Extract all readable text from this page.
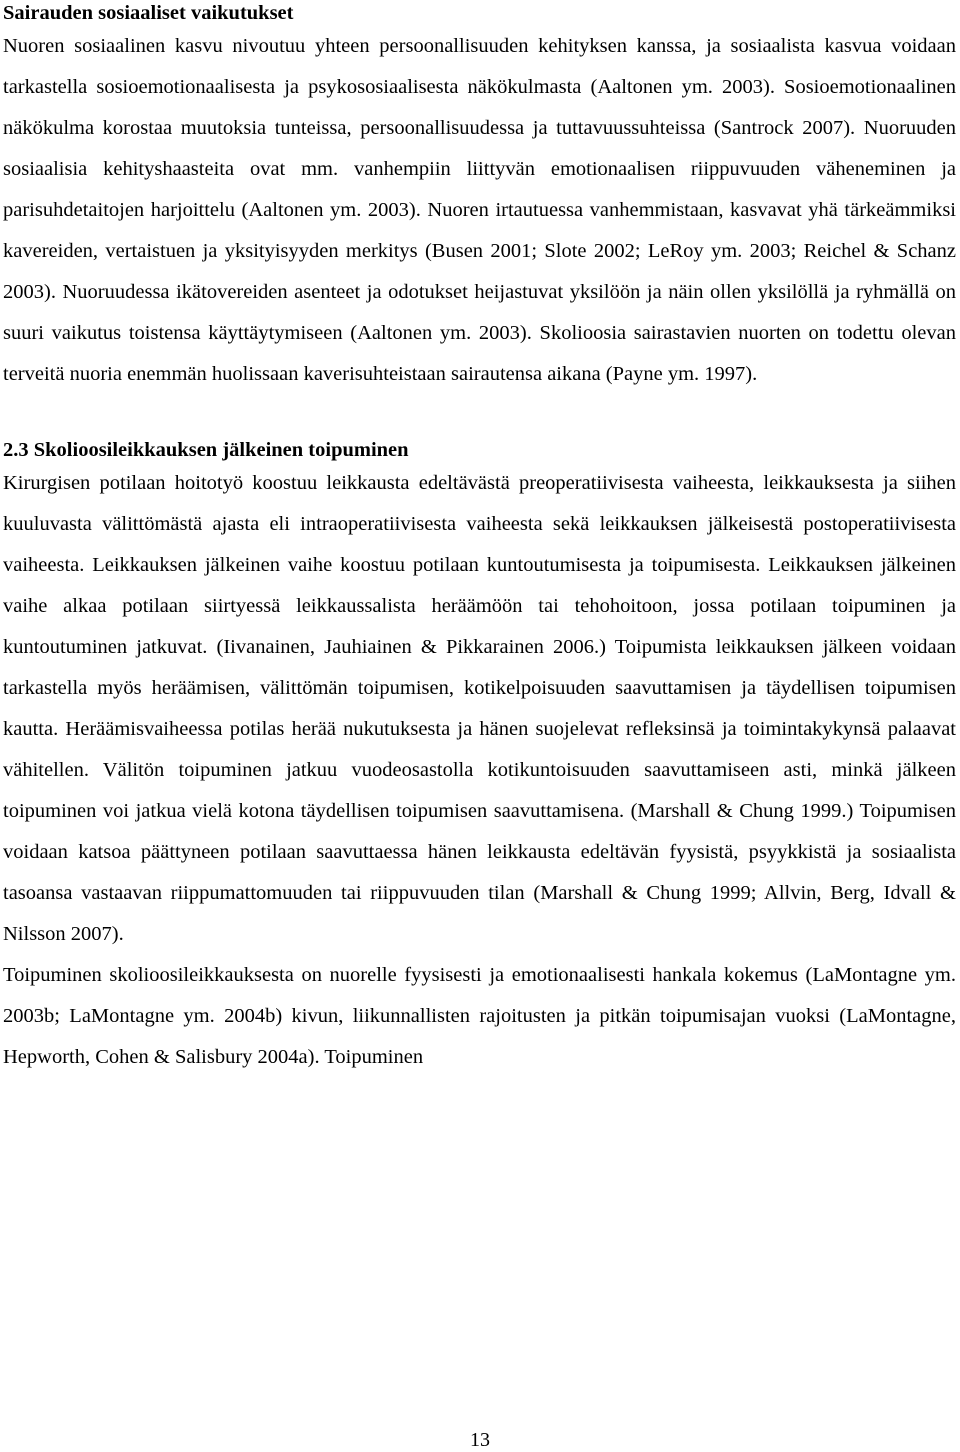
Sairauden sosiaaliset vaikutukset

Nuoren sosiaalinen kasvu nivoutuu yhteen persoonallisuuden kehityksen kanssa, ja sosiaalista kasvua voidaan tarkastella sosioemotionaalisesta ja psykososiaalisesta näkökulmasta (Aaltonen ym. 2003). Sosioemotionaalinen näkökulma korostaa muutoksia tunteissa, persoonallisuudessa ja tuttavuussuhteissa (Santrock 2007). Nuoruuden sosiaalisia kehityshaasteita ovat mm. vanhempiin liittyvän emotionaalisen riippuvuuden väheneminen ja parisuhdetaitojen harjoittelu (Aaltonen ym. 2003). Nuoren irtautuessa vanhemmistaan, kasvavat yhä tärkeämmiksi kavereiden, vertaistuen ja yksityisyyden merkitys (Busen 2001; Slote 2002; LeRoy ym. 2003; Reichel & Schanz 2003). Nuoruudessa ikätovereiden asenteet ja odotukset heijastuvat yksilöön ja näin ollen yksilöllä ja ryhmällä on suuri vaikutus toistensa käyttäytymiseen (Aaltonen ym. 2003). Skolioosia sairastavien nuorten on todettu olevan terveitä nuoria enemmän huolissaan kaverisuhteistaan sairautensa aikana (Payne ym. 1997).

2.3 Skolioosileikkauksen jälkeinen toipuminen

Kirurgisen potilaan hoitotyö koostuu leikkausta edeltävästä preoperatiivisesta vaiheesta, leikkauksesta ja siihen kuuluvasta välittömästä ajasta eli intraoperatiivisesta vaiheesta sekä leikkauksen jälkeisestä postoperatiivisesta vaiheesta. Leikkauksen jälkeinen vaihe koostuu potilaan kuntoutumisesta ja toipumisesta. Leikkauksen jälkeinen vaihe alkaa potilaan siirtyessä leikkaussalista heräämöön tai tehohoitoon, jossa potilaan toipuminen ja kuntoutuminen jatkuvat. (Iivanainen, Jauhiainen & Pikkarainen 2006.) Toipumista leikkauksen jälkeen voidaan tarkastella myös heräämisen, välittömän toipumisen, kotikelpoisuuden saavuttamisen ja täydellisen toipumisen kautta. Heräämisvaiheessa potilas herää nukutuksesta ja hänen suojelevat refleksinsä ja toimintakykynsä palaavat vähitellen. Välitön toipuminen jatkuu vuodeosastolla kotikuntoisuuden saavuttamiseen asti, minkä jälkeen toipuminen voi jatkua vielä kotona täydellisen toipumisen saavuttamisena. (Marshall & Chung 1999.) Toipumisen voidaan katsoa päättyneen potilaan saavuttaessa hänen leikkausta edeltävän fyysistä, psyykkistä ja sosiaalista tasoansa vastaavan riippumattomuuden tai riippuvuuden tilan (Marshall & Chung 1999; Allvin, Berg, Idvall & Nilsson 2007).

Toipuminen skolioosileikkauksesta on nuorelle fyysisesti ja emotionaalisesti hankala kokemus (LaMontagne ym. 2003b; LaMontagne ym. 2004b) kivun, liikunnallisten rajoitusten ja pitkän toipumisajan vuoksi (LaMontagne, Hepworth, Cohen & Salisbury 2004a). Toipuminen

13
